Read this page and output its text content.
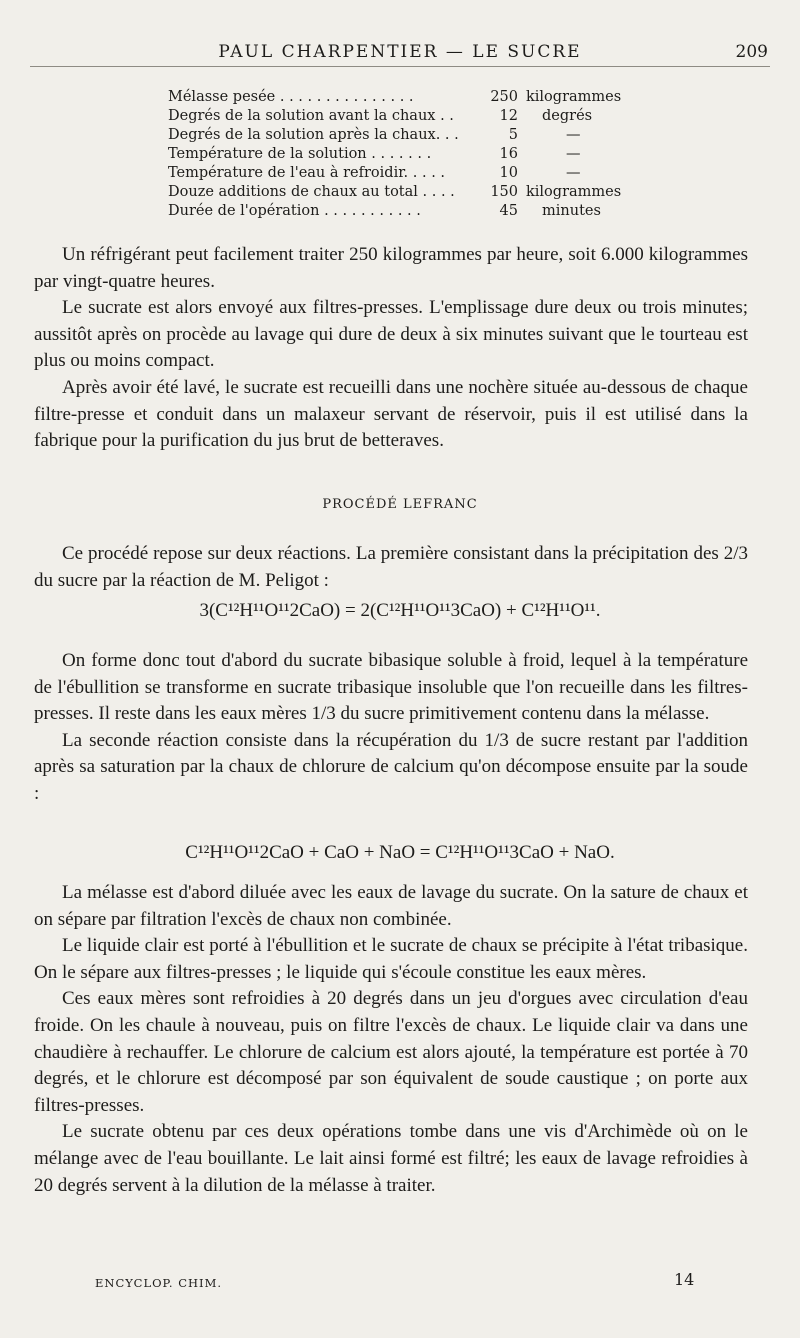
PAUL CHARPENTIER — LE SUCRE	209
Mélasse pesée . . . . . . . . . . . . . . .	250	kilogrammes
Degrés de la solution avant la chaux . .	12	degrés
Degrés de la solution après la chaux. . .	5	—
Température de la solution . . . . . . .	16	—
Température de l'eau à refroidir. . . . .	10	—
Douze additions de chaux au total . . . .	150	kilogrammes
Durée de l'opération . . . . . . . . . . .	45	minutes

Un réfrigérant peut facilement traiter 250 kilogrammes par heure, soit 6.000 kilogrammes par vingt-quatre heures.

Le sucrate est alors envoyé aux filtres-presses. L'emplissage dure deux ou trois minutes; aussitôt après on procède au lavage qui dure de deux à six minutes suivant que le tourteau est plus ou moins compact.

Après avoir été lavé, le sucrate est recueilli dans une nochère située au-dessous de chaque filtre-presse et conduit dans un malaxeur servant de réservoir, puis il est utilisé dans la fabrique pour la purification du jus brut de betteraves.

PROCÉDÉ LEFRANC

Ce procédé repose sur deux réactions. La première consistant dans la précipitation des 2/3 du sucre par la réaction de M. Peligot :

3(C¹²H¹¹O¹¹2CaO) = 2(C¹²H¹¹O¹¹3CaO) + C¹²H¹¹O¹¹.

On forme donc tout d'abord du sucrate bibasique soluble à froid, lequel à la température de l'ébullition se transforme en sucrate tribasique insoluble que l'on recueille dans les filtres-presses. Il reste dans les eaux mères 1/3 du sucre primitivement contenu dans la mélasse.

La seconde réaction consiste dans la récupération du 1/3 de sucre restant par l'addition après sa saturation par la chaux de chlorure de calcium qu'on décompose ensuite par la soude :

C¹²H¹¹O¹¹2CaO + CaO + NaO = C¹²H¹¹O¹¹3CaO + NaO.

La mélasse est d'abord diluée avec les eaux de lavage du sucrate. On la sature de chaux et on sépare par filtration l'excès de chaux non combinée.

Le liquide clair est porté à l'ébullition et le sucrate de chaux se précipite à l'état tribasique. On le sépare aux filtres-presses ; le liquide qui s'écoule constitue les eaux mères.

Ces eaux mères sont refroidies à 20 degrés dans un jeu d'orgues avec circulation d'eau froide. On les chaule à nouveau, puis on filtre l'excès de chaux. Le liquide clair va dans une chaudière à rechauffer. Le chlorure de calcium est alors ajouté, la température est portée à 70 degrés, et le chlorure est décomposé par son équivalent de soude caustique ; on porte aux filtres-presses.

Le sucrate obtenu par ces deux opérations tombe dans une vis d'Archimède où on le mélange avec de l'eau bouillante. Le lait ainsi formé est filtré; les eaux de lavage refroidies à 20 degrés servent à la dilution de la mélasse à traiter.

ENCYCLOP. CHIM.	14
